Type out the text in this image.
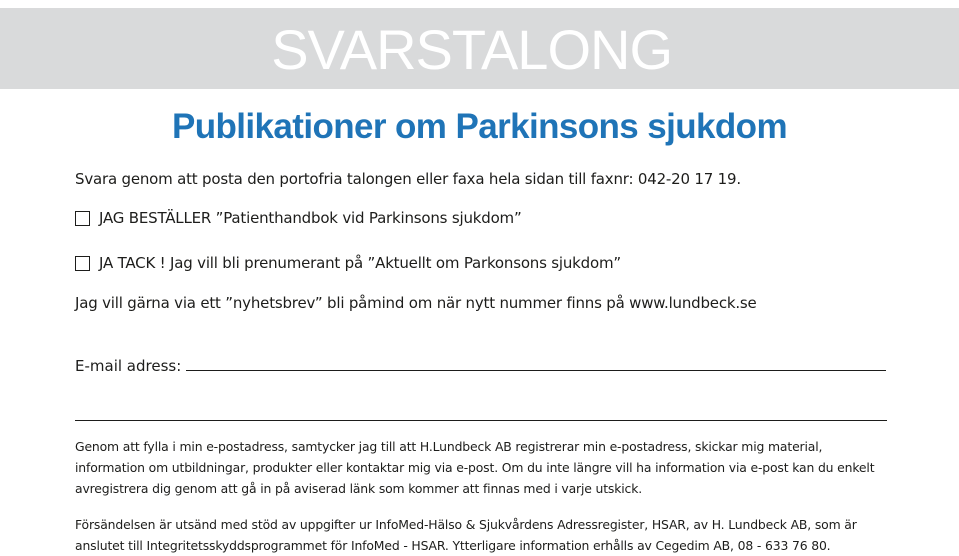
SVARSTALONG
Publikationer om Parkinsons sjukdom
Svara genom att posta den portofria talongen eller faxa hela sidan till faxnr: 042-20 17 19.
JAG BESTÄLLER ”Patienthandbok vid Parkinsons sjukdom”
JA TACK ! Jag vill bli prenumerant på ”Aktuellt om Parkonsons sjukdom”
Jag vill gärna via ett ”nyhetsbrev” bli påmind om när nytt nummer finns på www.lundbeck.se
E-mail adress:
Genom att fylla i min e-postadress, samtycker jag till att H.Lundbeck AB registrerar min e-postadress, skickar mig material, information om utbildningar, produkter eller kontaktar mig via e-post. Om du inte längre vill ha information via e-post kan du enkelt avregistrera dig genom att gå in på aviserad länk som kommer att finnas med i varje utskick.
Försändelsen är utsänd med stöd av uppgifter ur InfoMed-Hälso & Sjukvårdens Adressregister, HSAR, av H. Lundbeck AB, som är anslutet till Integritetsskyddsprogrammet för InfoMed - HSAR. Ytterligare information erhålls av Cegedim AB, 08 - 633 76 80.
